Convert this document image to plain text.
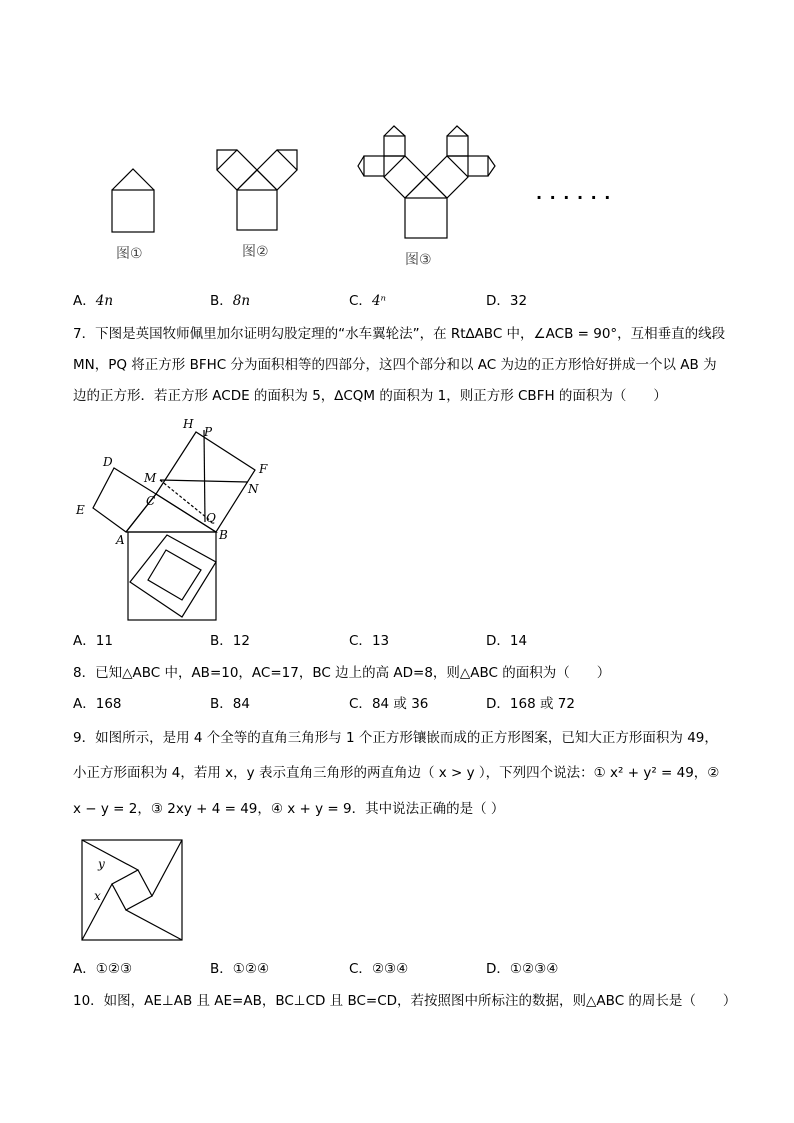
图①	图②	图③
· · · · · ·
A．4n	B．8n	C．4ⁿ	D．32
7．下图是英国牧师佩里加尔证明勾股定理的“水车翼轮法”，在 Rt∆ABC 中，∠ACB = 90°，互相垂直的线段
MN，PQ 将正方形 BFHC 分为面积相等的四部分，这四个部分和以 AC 为边的正方形恰好拼成一个以 AB 为
边的正方形．若正方形 ACDE 的面积为 5，∆CQM 的面积为 1，则正方形 CBFH 的面积为（　　）
H
P
D
M
F
N
C
E
Q
A	B
A．11	B．12	C．13	D．14
8．已知△ABC 中，AB=10，AC=17，BC 边上的高 AD=8，则△ABC 的面积为（　　）
A．168	B．84	C．84 或 36	D．168 或 72
9．如图所示，是用 4 个全等的直角三角形与 1 个正方形镶嵌而成的正方形图案，已知大正方形面积为 49，
小正方形面积为 4，若用 x，y 表示直角三角形的两直角边（ x > y ），下列四个说法：① x² + y² = 49，②
x − y = 2，③ 2xy + 4 = 49，④ x + y = 9．其中说法正确的是（ ）
y
x
A．①②③	B．①②④	C．②③④	D．①②③④
10．如图，AE⊥AB 且 AE=AB，BC⊥CD 且 BC=CD，若按照图中所标注的数据，则△ABC 的周长是（　　）
